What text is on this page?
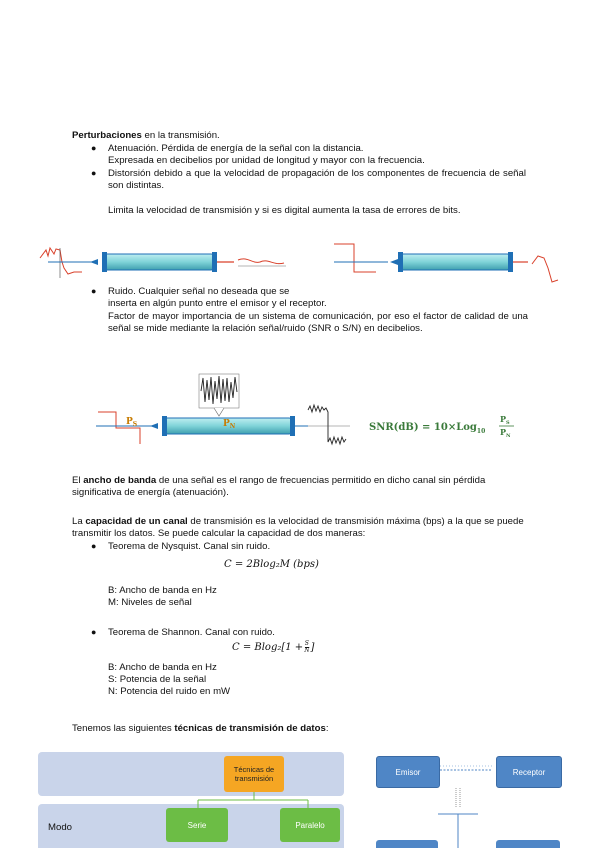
Perturbaciones en la transmisión.

● Atenuación. Pérdida de energía de la señal con la distancia.

Expresada en decibelios por unidad de longitud y mayor con la frecuencia.

● Distorsión debido a que la velocidad de propagación de los componentes de frecuencia de señal son distintas.

Limita la velocidad de transmisión y si es digital aumenta la tasa de errores de bits.

● Ruido. Cualquier señal no deseada que se

inserta en algún punto entre el emisor y el receptor.

Factor de mayor importancia de un sistema de comunicación, por eso el factor de calidad de una señal se mide mediante la relación señal/ruido (SNR o S/N) en decibelios.

$P_S$	$P_N$	SNR(dB) = 10×Log$_{10}$
$P_S$
$P_N$

El ancho de banda de una señal es el rango de frecuencias permitido en dicho canal sin pérdida significativa de energía (atenuación).

La capacidad de un canal de transmisión es la velocidad de transmisión máxima (bps) a la que se puede transmitir los datos. Se puede calcular la capacidad de dos maneras:

● Teorema de Nysquist. Canal sin ruido.

C = 2Blog₂M (bps)

B: Ancho de banda en Hz

M: Niveles de señal

● Teorema de Shannon. Canal con ruido.

$C = Blog_2[1 + \frac{S}{N}$ ]

B: Ancho de banda en Hz

S: Potencia de la señal

N: Potencia del ruido en mW

Tenemos las siguientes técnicas de transmisión de datos:

Técnicas de transmisión

Modo	Serie	Paralelo
Emisor	Receptor
